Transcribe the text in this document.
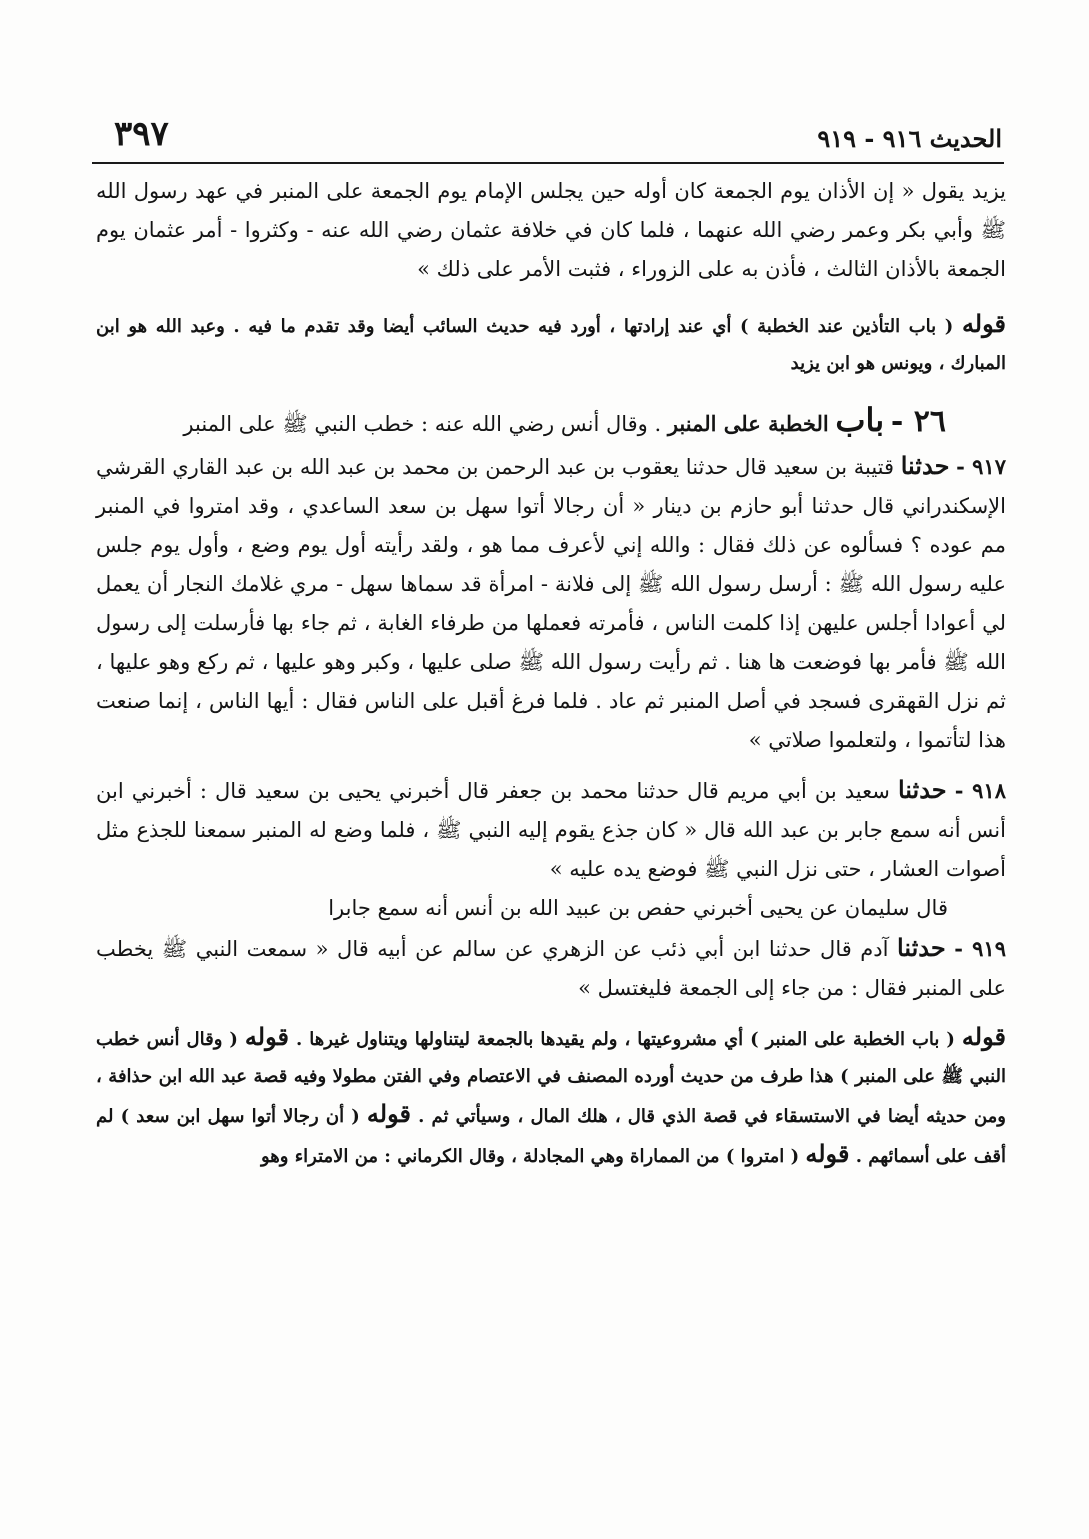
الحديث ٩١٦ - ٩١٩
٣٩٧

يزيد يقول « إن الأذان يوم الجمعة كان أوله حين يجلس الإمام يوم الجمعة على المنبر في عهد رسول الله ﷺ وأبي بكر وعمر رضي الله عنهما ، فلما كان في خلافة عثمان رضي الله عنه - وكثروا - أمر عثمان يوم الجمعة بالأذان الثالث ، فأذن به على الزوراء ، فثبت الأمر على ذلك »

قوله ( باب التأذين عند الخطبة ) أي عند إرادتها ، أورد فيه حديث السائب أيضا وقد تقدم ما فيه . وعبد الله هو ابن المبارك ، ويونس هو ابن يزيد

٢٦ - باب الخطبة على المنبر . وقال أنس رضي الله عنه : خطب النبي ﷺ على المنبر

٩١٧ - حدثنا قتيبة بن سعيد قال حدثنا يعقوب بن عبد الرحمن بن محمد بن عبد الله بن عبد القاري القرشي الإسكندراني قال حدثنا أبو حازم بن دينار « أن رجالا أتوا سهل بن سعد الساعدي ، وقد امتروا في المنبر مم عوده ؟ فسألوه عن ذلك فقال : والله إني لأعرف مما هو ، ولقد رأيته أول يوم وضع ، وأول يوم جلس عليه رسول الله ﷺ : أرسل رسول الله ﷺ إلى فلانة - امرأة قد سماها سهل - مري غلامك النجار أن يعمل لي أعوادا أجلس عليهن إذا كلمت الناس ، فأمرته فعملها من طرفاء الغابة ، ثم جاء بها فأرسلت إلى رسول الله ﷺ فأمر بها فوضعت ها هنا . ثم رأيت رسول الله ﷺ صلى عليها ، وكبر وهو عليها ، ثم ركع وهو عليها ، ثم نزل القهقرى فسجد في أصل المنبر ثم عاد . فلما فرغ أقبل على الناس فقال : أيها الناس ، إنما صنعت هذا لتأتموا ، ولتعلموا صلاتي »

٩١٨ - حدثنا سعيد بن أبي مريم قال حدثنا محمد بن جعفر قال أخبرني يحيى بن سعيد قال : أخبرني ابن أنس أنه سمع جابر بن عبد الله قال « كان جذع يقوم إليه النبي ﷺ ، فلما وضع له المنبر سمعنا للجذع مثل أصوات العشار ، حتى نزل النبي ﷺ فوضع يده عليه »

قال سليمان عن يحيى أخبرني حفص بن عبيد الله بن أنس أنه سمع جابرا

٩١٩ - حدثنا آدم قال حدثنا ابن أبي ذئب عن الزهري عن سالم عن أبيه قال « سمعت النبي ﷺ يخطب على المنبر فقال : من جاء إلى الجمعة فليغتسل »

قوله ( باب الخطبة على المنبر ) أي مشروعيتها ، ولم يقيدها بالجمعة ليتناولها ويتناول غيرها . قوله ( وقال أنس خطب النبي ﷺ على المنبر ) هذا طرف من حديث أورده المصنف في الاعتصام وفي الفتن مطولا وفيه قصة عبد الله ابن حذافة ، ومن حديثه أيضا في الاستسقاء في قصة الذي قال ، هلك المال ، وسيأتي ثم . قوله ( أن رجالا أتوا سهل ابن سعد ) لم أقف على أسمائهم . قوله ( امتروا ) من المماراة وهي المجادلة ، وقال الكرماني : من الامتراء وهو
